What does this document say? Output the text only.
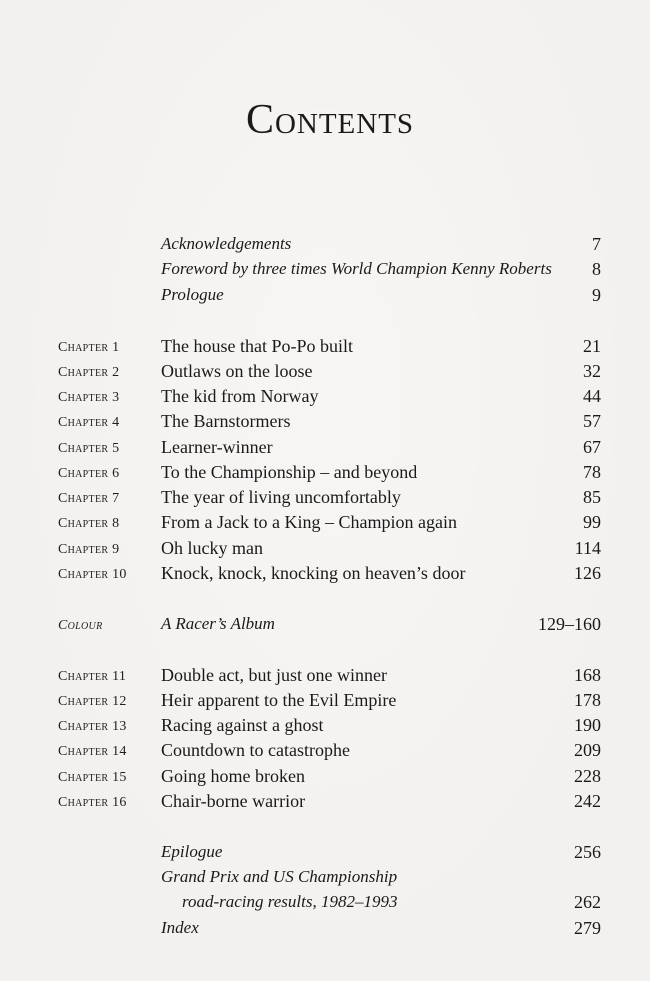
Contents
Acknowledgements	7
Foreword by three times World Champion Kenny Roberts 8
Prologue	9
Chapter 1 The house that Po-Po built	21
Chapter 2 Outlaws on the loose	32
Chapter 3 The kid from Norway	44
Chapter 4 The Barnstormers	57
Chapter 5 Learner-winner	67
Chapter 6 To the Championship – and beyond	78
Chapter 7 The year of living uncomfortably	85
Chapter 8 From a Jack to a King – Champion again	99
Chapter 9 Oh lucky man	114
Chapter 10 Knock, knock, knocking on heaven’s door	126
Colour	A Racer’s Album	129–160
Chapter 11 Double act, but just one winner	168
Chapter 12 Heir apparent to the Evil Empire	178
Chapter 13 Racing against a ghost	190
Chapter 14 Countdown to catastrophe	209
Chapter 15 Going home broken	228
Chapter 16 Chair-borne warrior	242
Epilogue	256
Grand Prix and US Championship
road-racing results, 1982–1993	262
Index	279
